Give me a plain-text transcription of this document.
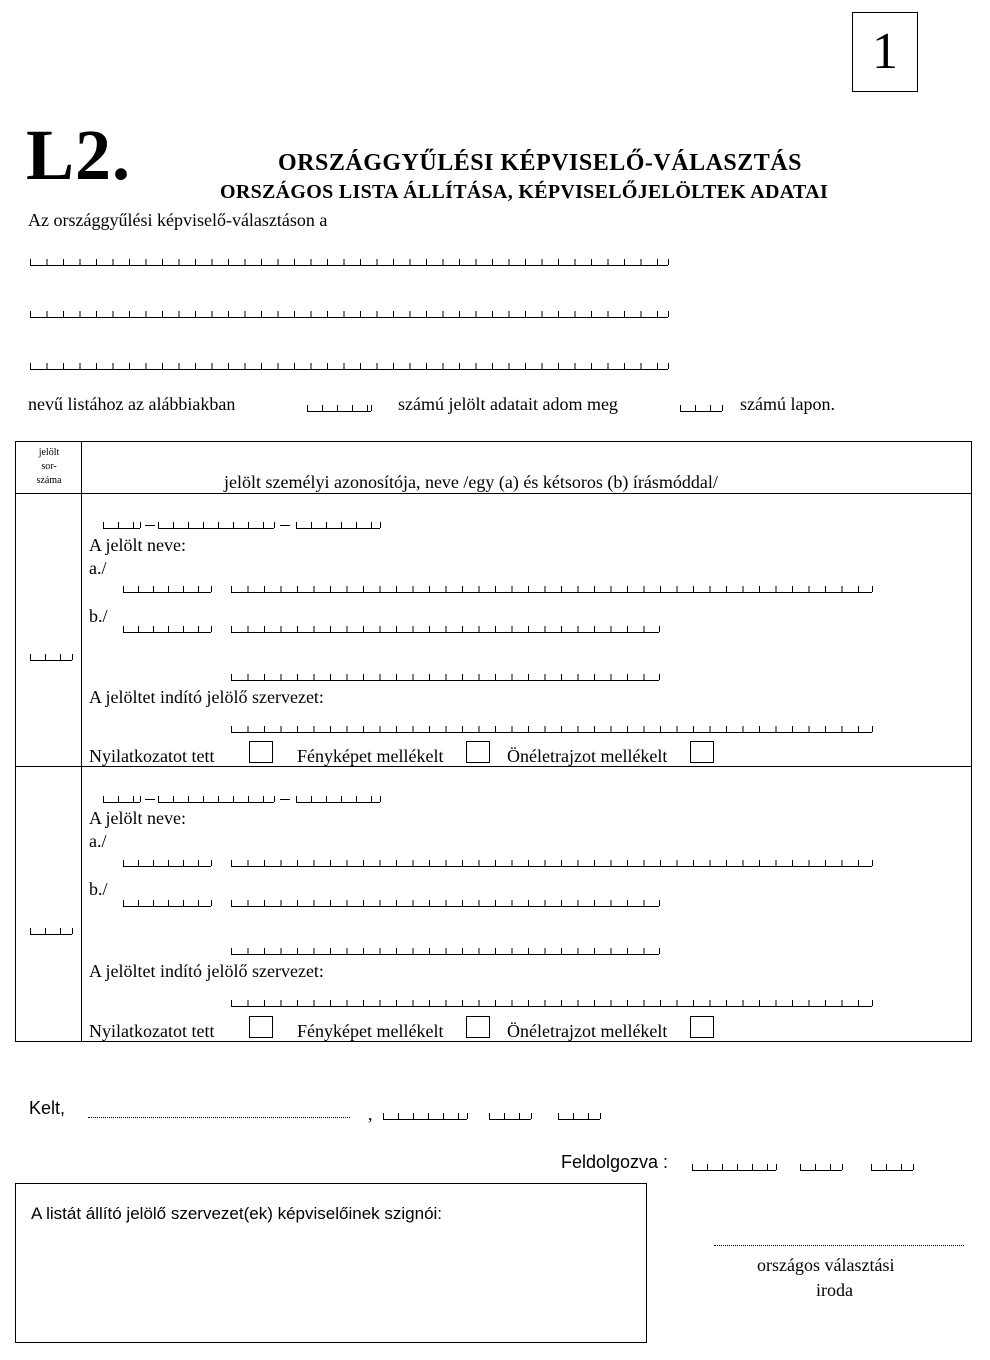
1
L2.	ORSZÁGGYŰLÉSI KÉPVISELŐ-VÁLASZTÁS
ORSZÁGOS LISTA ÁLLÍTÁSA, KÉPVISELŐJELÖLTEK ADATAI
Az országgyűlési képviselő-választáson a
nevű listához az alábbiakban	számú jelölt adatait adom meg	számú lapon.
jelölt
sor-
száma	jelölt személyi azonosítója, neve /egy (a) és kétsoros (b) írásmóddal/
A jelölt neve:
a./
b./
A jelöltet indító jelölő szervezet:
Nyilatkozatot tett	Fényképet mellékelt	Önéletrajzot mellékelt
A jelölt neve:
a./
b./
A jelöltet indító jelölő szervezet:
Nyilatkozatot tett	Fényképet mellékelt	Önéletrajzot mellékelt
Kelt,	,
Feldolgozva :
A listát állító jelölő szervezet(ek) képviselőinek szignói:
országos választási
iroda
